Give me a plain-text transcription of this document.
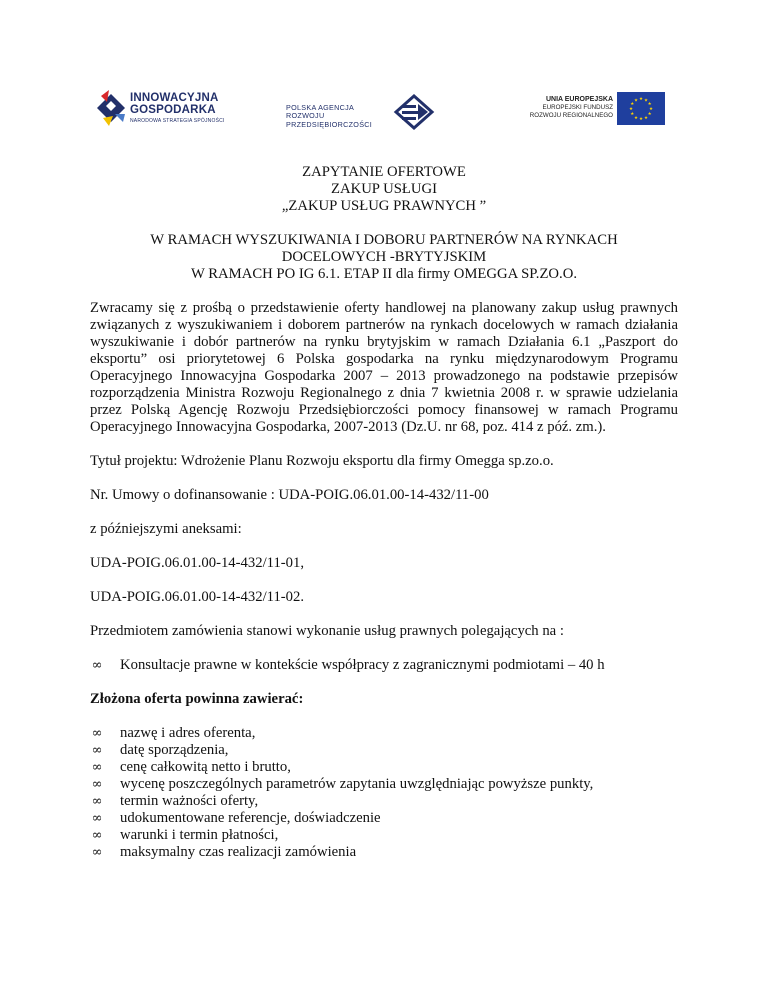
INNOWACYJNA
GOSPODARKA
NARODOWA STRATEGIA SPÓJNOŚCI
POLSKA AGENCJA
ROZWOJU
PRZEDSIĘBIORCZOŚCI
UNIA EUROPEJSKA
EUROPEJSKI FUNDUSZ
ROZWOJU REGIONALNEGO
★ ★
★
★
★
★
★
★
★
★
★
★
ZAPYTANIE OFERTOWE
ZAKUP USŁUGI
„ZAKUP USŁUG PRAWNYCH ”
W RAMACH WYSZUKIWANIA I DOBORU PARTNERÓW NA RYNKACH
DOCELOWYCH -BRYTYJSKIM
W RAMACH PO IG 6.1. ETAP II dla firmy OMEGGA SP.ZO.O.
Zwracamy się z prośbą o przedstawienie oferty handlowej na planowany zakup usług prawnych związanych z wyszukiwaniem i doborem partnerów na rynkach docelowych w ramach działania wyszukiwanie i dobór partnerów na rynku brytyjskim w ramach Działania 6.1 „Paszport do eksportu” osi priorytetowej 6 Polska gospodarka na rynku międzynarodowym Programu Operacyjnego Innowacyjna Gospodarka 2007 – 2013 prowadzonego na podstawie przepisów rozporządzenia Ministra Rozwoju Regionalnego z dnia 7 kwietnia 2008 r. w sprawie udzielania przez Polską Agencję Rozwoju Przedsiębiorczości pomocy finansowej w ramach Programu Operacyjnego Innowacyjna Gospodarka, 2007-2013 (Dz.U. nr 68, poz. 414 z póź. zm.).
Tytuł projektu: Wdrożenie Planu Rozwoju eksportu dla firmy Omegga sp.zo.o.
Nr. Umowy o dofinansowanie : UDA-POIG.06.01.00-14-432/11-00
z późniejszymi aneksami:
UDA-POIG.06.01.00-14-432/11-01,
UDA-POIG.06.01.00-14-432/11-02.
Przedmiotem zamówienia stanowi wykonanie usług prawnych polegających na :
∞ Konsultacje prawne w kontekście współpracy z zagranicznymi podmiotami – 40 h
Złożona oferta powinna zawierać:
∞ nazwę i adres oferenta,
∞ datę sporządzenia,
∞ cenę całkowitą netto i brutto,
∞ wycenę poszczególnych parametrów zapytania uwzględniając powyższe punkty,
∞ termin ważności oferty,
∞ udokumentowane referencje, doświadczenie
∞ warunki i termin płatności,
∞ maksymalny czas realizacji zamówienia
